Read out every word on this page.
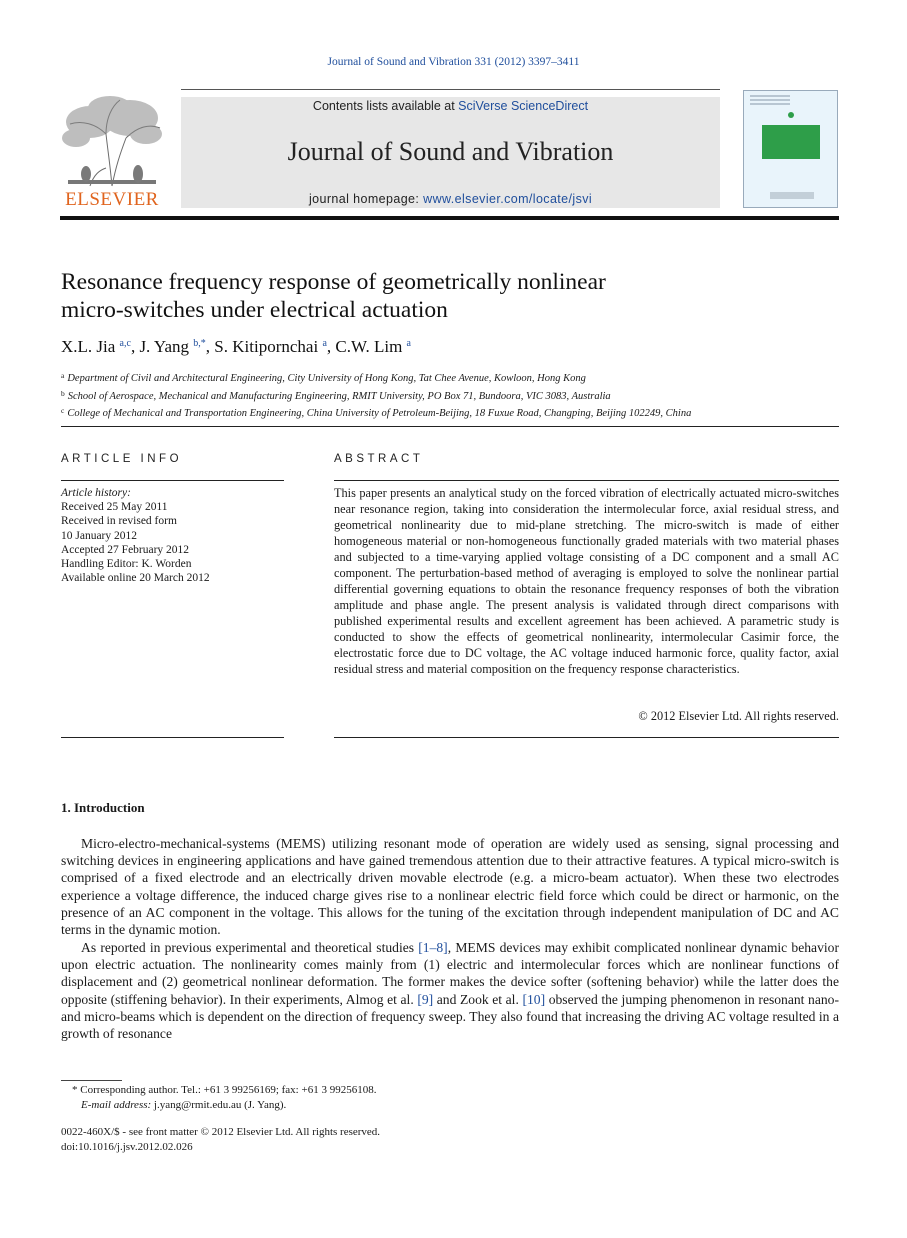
Journal of Sound and Vibration 331 (2012) 3397–3411
ELSEVIER
Contents lists available at SciVerse ScienceDirect
Journal of Sound and Vibration
journal homepage: www.elsevier.com/locate/jsvi
Resonance frequency response of geometrically nonlinear
micro-switches under electrical actuation
X.L. Jia $^{a,c}$, J. Yang $^{b,*}$, S. Kitipornchai $^a$, C.W. Lim $^a$
$^a$ Department of Civil and Architectural Engineering, City University of Hong Kong, Tat Chee Avenue, Kowloon, Hong Kong
$^b$ School of Aerospace, Mechanical and Manufacturing Engineering, RMIT University, PO Box 71, Bundoora, VIC 3083, Australia
$^c$ College of Mechanical and Transportation Engineering, China University of Petroleum-Beijing, 18 Fuxue Road, Changping, Beijing 102249, China
ARTICLE INFO
Article history:
Received 25 May 2011
Received in revised form
10 January 2012
Accepted 27 February 2012
Handling Editor: K. Worden
Available online 20 March 2012
ABSTRACT

This paper presents an analytical study on the forced vibration of electrically actuated micro-switches near resonance region, taking into consideration the intermolecular force, axial residual stress, and geometrical nonlinearity due to mid-plane stretching. The micro-switch is made of either homogeneous material or non-homogeneous functionally graded materials with two material phases and subjected to a time-varying applied voltage consisting of a DC component and a small AC component. The perturbation-based method of averaging is employed to solve the nonlinear partial differential governing equations to obtain the resonance frequency responses of both the vibration amplitude and phase angle. The present analysis is validated through direct comparisons with published experimental results and excellent agreement has been achieved. A parametric study is conducted to show the effects of geometrical nonlinearity, intermolecular Casimir force, the electrostatic force due to DC voltage, the AC voltage induced harmonic force, quality factor, axial residual stress and material composition on the frequency response characteristics.

© 2012 Elsevier Ltd. All rights reserved.
1. Introduction

Micro-electro-mechanical-systems (MEMS) utilizing resonant mode of operation are widely used as sensing, signal processing and switching devices in engineering applications and have gained tremendous attention due to their attractive features. A typical micro-switch is comprised of a fixed electrode and an electrically driven movable electrode (e.g. a micro-beam actuator). When these two electrodes experience a voltage difference, the induced charge gives rise to a nonlinear electric field force which could be direct or harmonic, on the presence of an AC component in the voltage. This allows for the tuning of the excitation through independent manipulation of DC and AC terms in the dynamic motion.

As reported in previous experimental and theoretical studies [1–8], MEMS devices may exhibit complicated nonlinear dynamic behavior upon electric actuation. The nonlinearity comes mainly from (1) electric and intermolecular forces which are nonlinear functions of displacement and (2) geometrical nonlinear deformation. The former makes the device softer (softening behavior) while the latter does the opposite (stiffening behavior). In their experiments, Almog et al. [9] and Zook et al. [10] observed the jumping phenomenon in resonant nano- and micro-beams which is dependent on the direction of frequency sweep. They also found that increasing the driving AC voltage resulted in a growth of resonance

* Corresponding author. Tel.: +61 3 99256169; fax: +61 3 99256108.
E-mail address: j.yang@rmit.edu.au (J. Yang).
0022-460X/$ - see front matter © 2012 Elsevier Ltd. All rights reserved.
doi:10.1016/j.jsv.2012.02.026
